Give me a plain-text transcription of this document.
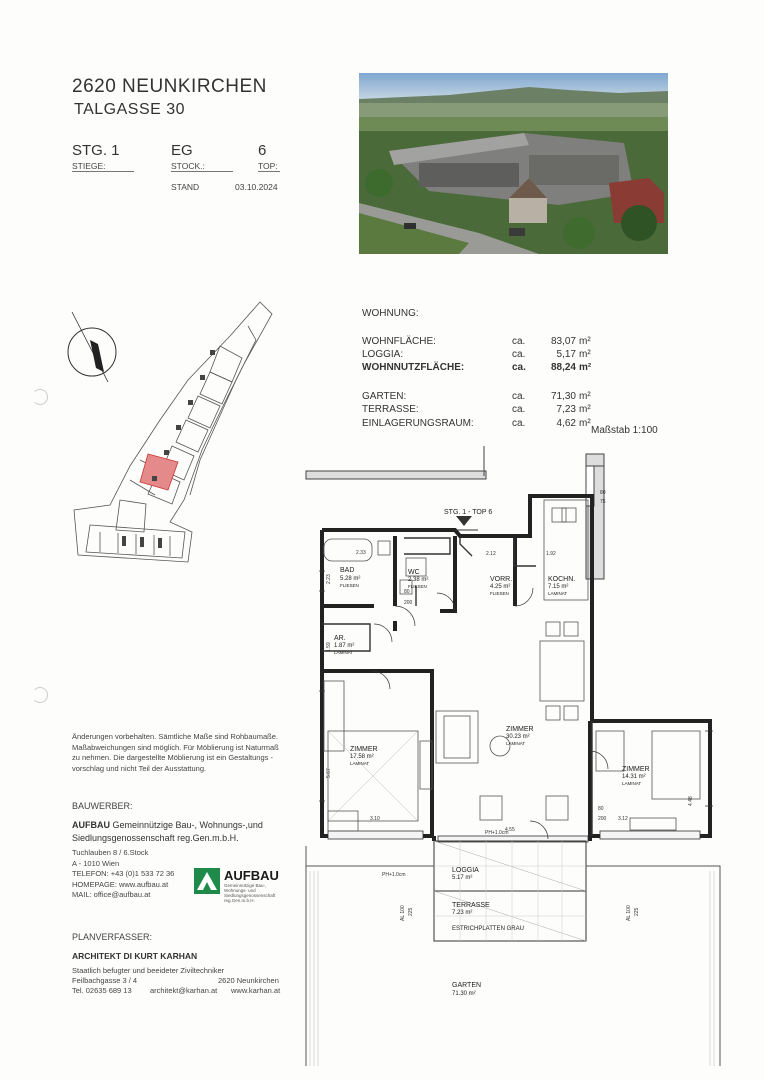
2620 NEUNKIRCHEN
TALGASSE 30
STG. 1
STIEGE:
EG
STOCK.:
6
TOP:
STAND	03.10.2024
WOHNUNG:
WOHNFLÄCHE:	ca.	83,07 m²
LOGGIA:	ca.	5,17 m²
WOHNNUTZFLÄCHE:	ca.	88,24 m²
GARTEN:	ca.	71,30 m²
TERRASSE:	ca.	7,23 m²
EINLAGERUNGSRAUM:	ca.	4,62 m²
Maßstab 1:100
Änderungen vorbehalten. Sämtliche Maße sind Rohbaumaße.
Maßabweichungen sind möglich. Für Möblierung ist Naturmaß
zu nehmen. Die dargestellte Möblierung ist ein Gestaltungs -
vorschlag und nicht Teil der Ausstattung.
BAUWERBER:
AUFBAU Gemeinnützige Bau-, Wohnungs-,und
Siedlungsgenossenschaft reg.Gen.m.b.H.
Tuchlauben 8 / 6.Stock
A - 1010 Wien
TELEFON: +43 (0)1 533 72 36
HOMEPAGE: www.aufbau.at
MAIL: office@aufbau.at
AUFBAU
Gemeinnützige Bau-, Wohnungs- und Siedlungsgenossenschaft reg.Gen.m.b.H.
PLANVERFASSER:
ARCHITEKT DI KURT KARHAN
Staatlich befugter und beeideter Ziviltechniker
2620 Neunkirchen
Feilbachgasse 3 / 4
Tel. 02635 689 13 architekt@karhan.at www.karhan.at
2.33	2.12	1.92
3.10
4.55
3.12
5.67
4.48
2.23
1.59
80
75
80
200
80
200
AL 100 225	AL 100 225
PH+1.0cm
PH+1.0cm
STG. 1 - TOP 6
BAD
5.28 m²
FLIESEN
WC
2.38 m²
FLIESEN
VORR.
4.25 m²
FLIESEN
KOCHN.
7.15 m²
LAMINAT
AR.
1.87 m²
LAMINAT
ZIMMER
17.58 m²
LAMINAT
ZIMMER
30.23 m²
LAMINAT
ZIMMER
14.31 m²
LAMINAT
LOGGIA
5.17 m²
TERRASSE
7.23 m²
ESTRICHPLATTEN GRAU
GARTEN
71.30 m²
